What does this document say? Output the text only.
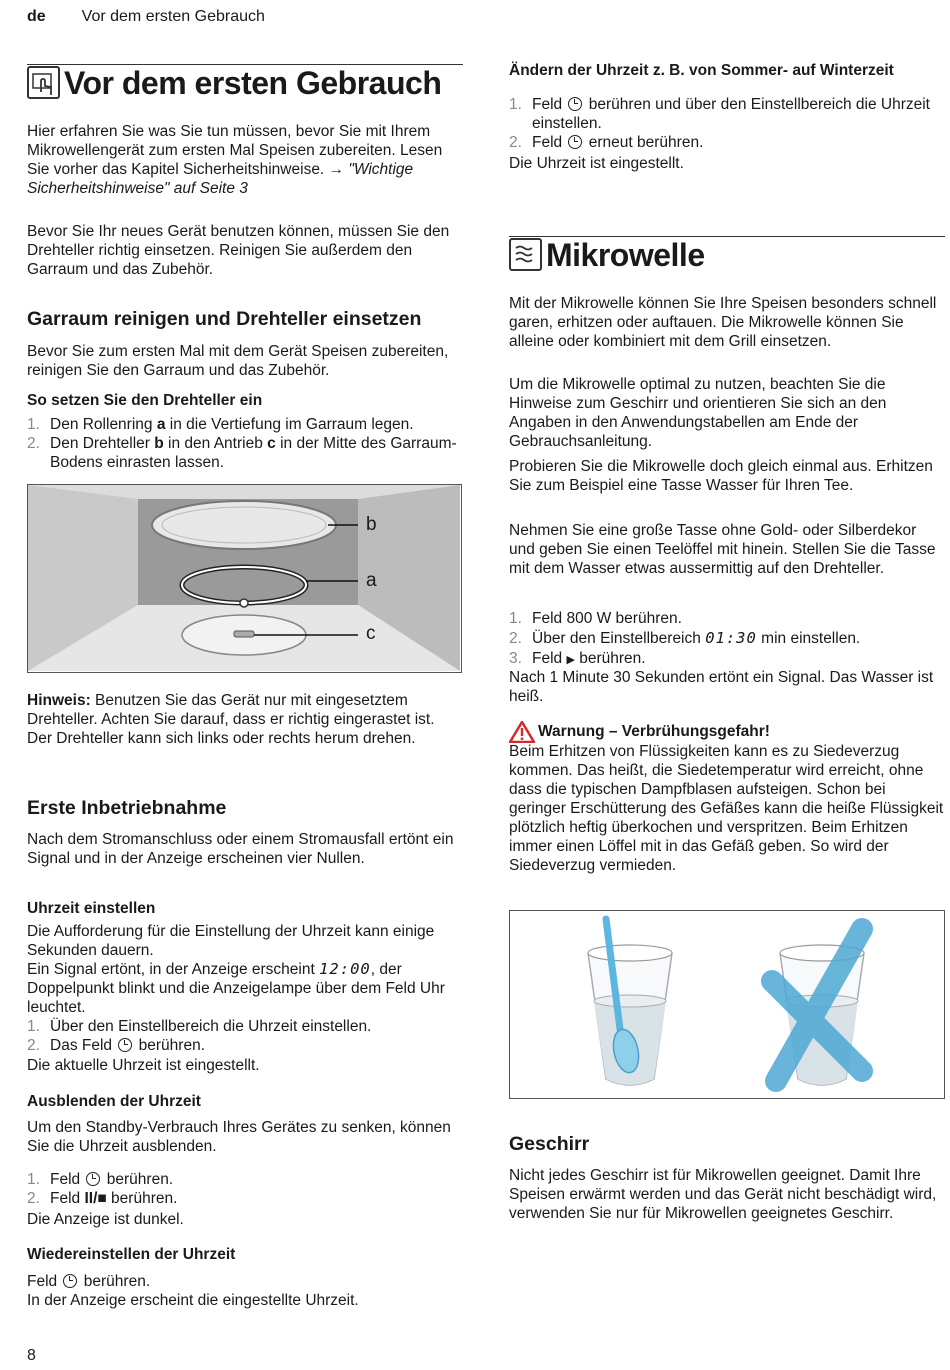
de Vor dem ersten Gebrauch
Vor dem ersten Gebrauch

Hier erfahren Sie was Sie tun müssen, bevor Sie mit Ihrem Mikrowellengerät zum ersten Mal Speisen zubereiten. Lesen Sie vorher das Kapitel Sicherheitshinweise. → "Wichtige Sicherheitshinweise" auf Seite 3

Bevor Sie Ihr neues Gerät benutzen können, müssen Sie den Drehteller richtig einsetzen. Reinigen Sie außerdem den Garraum und das Zubehör.

Garraum reinigen und Drehteller einsetzen

Bevor Sie zum ersten Mal mit dem Gerät Speisen zubereiten, reinigen Sie den Garraum und das Zubehör.

So setzen Sie den Drehteller ein
1. Den Rollenring a in die Vertiefung im Garraum legen.
2. Den Drehteller b in den Antrieb c in der Mitte des Garraum-Bodens einrasten lassen.
b
a
c

Hinweis: Benutzen Sie das Gerät nur mit eingesetztem Drehteller. Achten Sie darauf, dass er richtig eingerastet ist. Der Drehteller kann sich links oder rechts herum drehen.

Erste Inbetriebnahme

Nach dem Stromanschluss oder einem Stromausfall ertönt ein Signal und in der Anzeige erscheinen vier Nullen.

Uhrzeit einstellen

Die Aufforderung für die Einstellung der Uhrzeit kann einige Sekunden dauern.

Ein Signal ertönt, in der Anzeige erscheint 12:00, der Doppelpunkt blinkt und die Anzeigelampe über dem Feld Uhr leuchtet.

1. Über den Einstellbereich die Uhrzeit einstellen.
2. Das Feld  berühren.

Die aktuelle Uhrzeit ist eingestellt.

Ausblenden der Uhrzeit

Um den Standby-Verbrauch Ihres Gerätes zu senken, können Sie die Uhrzeit ausblenden.

1. Feld  berühren.
2. Feld II/■ berühren.

Die Anzeige ist dunkel.

Wiedereinstellen der Uhrzeit

Feld  berühren.
In der Anzeige erscheint die eingestellte Uhrzeit.

8
Ändern der Uhrzeit z. B. von Sommer- auf Winterzeit
1. Feld  berühren und über den Einstellbereich die Uhrzeit einstellen.
2. Feld  erneut berühren.

Die Uhrzeit ist eingestellt.

Mikrowelle

Mit der Mikrowelle können Sie Ihre Speisen besonders schnell garen, erhitzen oder auftauen. Die Mikrowelle können Sie alleine oder kombiniert mit dem Grill einsetzen.

Um die Mikrowelle optimal zu nutzen, beachten Sie die Hinweise zum Geschirr und orientieren Sie sich an den Angaben in den Anwendungstabellen am Ende der Gebrauchsanleitung.

Probieren Sie die Mikrowelle doch gleich einmal aus. Erhitzen Sie zum Beispiel eine Tasse Wasser für Ihren Tee.

Nehmen Sie eine große Tasse ohne Gold- oder Silberdekor und geben Sie einen Teelöffel mit hinein. Stellen Sie die Tasse mit dem Wasser etwas aussermittig auf den Drehteller.

1. Feld 800 W berühren.
2. Über den Einstellbereich 01:30 min einstellen.
3. Feld ▶ berühren.

Nach 1 Minute 30 Sekunden ertönt ein Signal. Das Wasser ist heiß.

Warnung – Verbrühungsgefahr!

Beim Erhitzen von Flüssigkeiten kann es zu Siedeverzug kommen. Das heißt, die Siedetemperatur wird erreicht, ohne dass die typischen Dampfblasen aufsteigen. Schon bei geringer Erschütterung des Gefäßes kann die heiße Flüssigkeit plötzlich heftig überkochen und verspritzen. Beim Erhitzen immer einen Löffel mit in das Gefäß geben. So wird der Siedeverzug vermieden.

Geschirr

Nicht jedes Geschirr ist für Mikrowellen geeignet. Damit Ihre Speisen erwärmt werden und das Gerät nicht beschädigt wird, verwenden Sie nur für Mikrowellen geeignetes Geschirr.
